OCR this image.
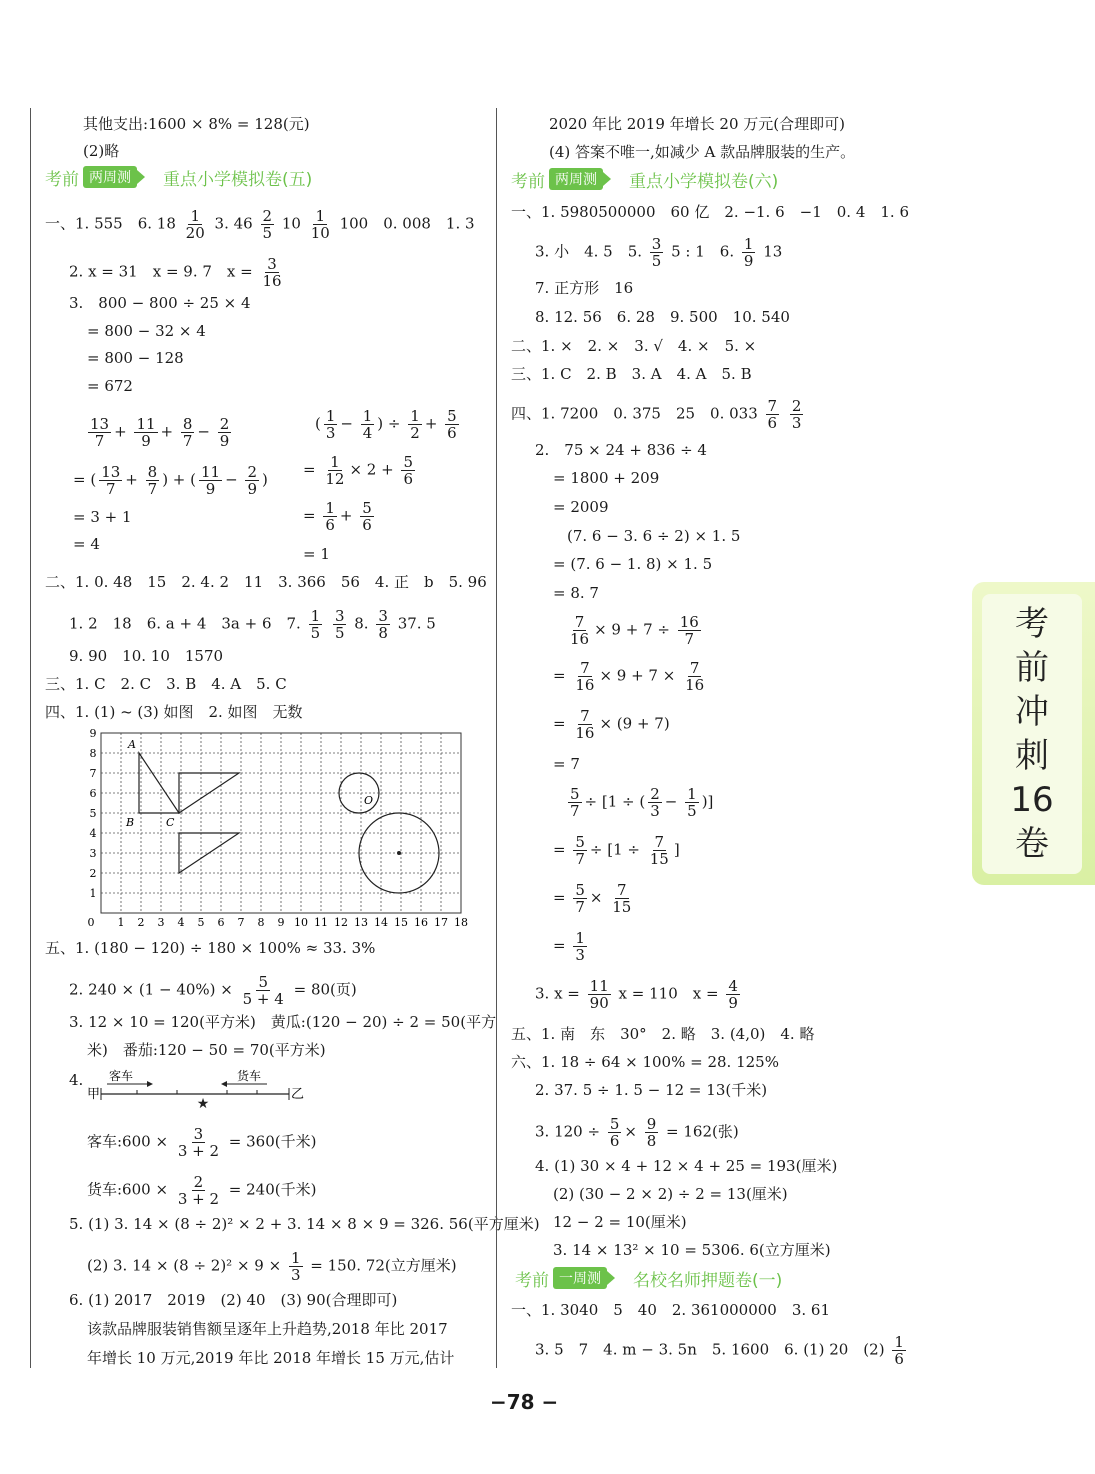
其他支出:1600 × 8% = 128(元)
(2)略
考前 两周测	重点小学模拟卷(五)
一、1. 555　6. $18 \frac{1}{20} 3$. $46 \frac{2}{5} 10 \frac{1}{10} 100$　0. 008　1. 3
2. x = 31　x = 9. 7　$x = \frac{3}{16}$
3.　800 − 800 ÷ 25 × 4
= 800 − 32 × 4
= 800 − 128
= 672
$\frac{13}{7} + \frac{11}{9} + \frac{8}{7} - \frac{2}{9}$
= ( $\frac{13}{7} + \frac{8}{7}$ ) + ( $\frac{11}{9} - \frac{2}{9}$ )
= 3 + 1
= 4
( $\frac{1}{3} - \frac{1}{4}$ ) ÷ $\frac{1}{2} + \frac{5}{6}$
= $\frac{1}{12} \times 2 + \frac{5}{6}$
= $\frac{1}{6} + \frac{5}{6}$
= 1
二、1. 0. 48　15　2. 4. 2　11　3. 366　56　4. 正　b　5. 96
1. 2　18　6. a + 4　3a + 6　7. $\frac{1}{5}$
$\frac{3}{5} 8$. $\frac{3}{8} 37$. 5
9. 90　10. 10　1570
三、1. C　2. C　3. B　4. A　5. C
四、1. (1) ~ (3) 如图　2. 如图　无数
A
B	C
O
0 1 2 3 4 5 6 7 8 9 10 11 12 13 14 15 16 17 18
1
2
3
4
5
6
7
8
9
五、1. (180 − 120) ÷ 180 × 100% ≈ 33. 3%
2. $240 \times (1 - 40\%) \times \frac{5}{5 + 4} = 80$(页)
3. 12 × 10 = 120(平方米)　黄瓜:(120 − 20) ÷ 2 = 50(平方
米)　番茄:120 − 50 = 70(平方米)
4.
甲	乙
客车	货车
★
客车:600 × $\frac{3}{3 + 2} = 360$(千米)
货车:600 × $\frac{2}{3 + 2} = 240$(千米)
5. (1) 3. 14 × (8 ÷ 2)² × 2 + 3. 14 × 8 × 9 = 326. 56(平方厘米)
(2) 3. $14 \times (8 \div 2)^2 \times 9 \times \frac{1}{3} = 150$. 72(立方厘米)
6. (1) 2017　2019　(2) 40　(3) 90(合理即可)
该款品牌服装销售额呈逐年上升趋势,2018 年比 2017
年增长 10 万元,2019 年比 2018 年增长 15 万元,估计
2020 年比 2019 年增长 20 万元(合理即可)
(4) 答案不唯一,如减少 A 款品牌服装的生产。
考前 两周测	重点小学模拟卷(六)
一、1. 5980500000　60 亿　2. −1. 6　−1　0. 4　1. 6
3. 小　4. 5　5. $\frac{3}{5} 5$ : 1　6. $\frac{1}{9} 13$
7. 正方形　16
8. 12. 56　6. 28　9. 500　10. 540
二、1. ×　2. ×　3. √　4. ×　5. ×
三、1. C　2. B　3. A　4. A　5. B
四、1. 7200　0. 375　25　0. $033 \frac{7}{6}$
$\frac{2}{3}$
2.　75 × 24 + 836 ÷ 4
= 1800 + 209
= 2009
(7. 6 − 3. 6 ÷ 2) × 1. 5
= (7. 6 − 1. 8) × 1. 5
= 8. 7
$\frac{7}{16} \times 9 + 7 \div \frac{16}{7}$
= $\frac{7}{16} \times 9 + 7 \times \frac{7}{16}$
= $\frac{7}{16} \times (9 + 7)$
= 7
$\frac{5}{7} \div [1$ ÷ ( $\frac{2}{3} - \frac{1}{5}$ )]
= $\frac{5}{7} \div [1 \div \frac{7}{15}$ ]
= $\frac{5}{7} \times \frac{7}{15}$
= $\frac{1}{3}$
3. $x = \frac{11}{90}$ x = 110　$x = \frac{4}{9}$
五、1. 南　东　30°　2. 略　3. (4,0)　4. 略
六、1. 18 ÷ 64 × 100% = 28. 125%
2. 37. 5 ÷ 1. 5 − 12 = 13(千米)
3. $120 \div \frac{5}{6} \times \frac{9}{8} = 162$(张)
4. (1) 30 × 4 + 12 × 4 + 25 = 193(厘米)
(2) (30 − 2 × 2) ÷ 2 = 13(厘米)
12 − 2 = 10(厘米)
3. 14 × 13² × 10 = 5306. 6(立方厘米)
考前 一周测	名校名师押题卷(一)
一、1. 3040　5　40　2. 361000000　3. 61
3. 5　7　4. m − 3. 5n　5. 1600　6. (1) 20　$(2) \frac{1}{6}$
−78 −
考
前
冲
刺
16
卷
